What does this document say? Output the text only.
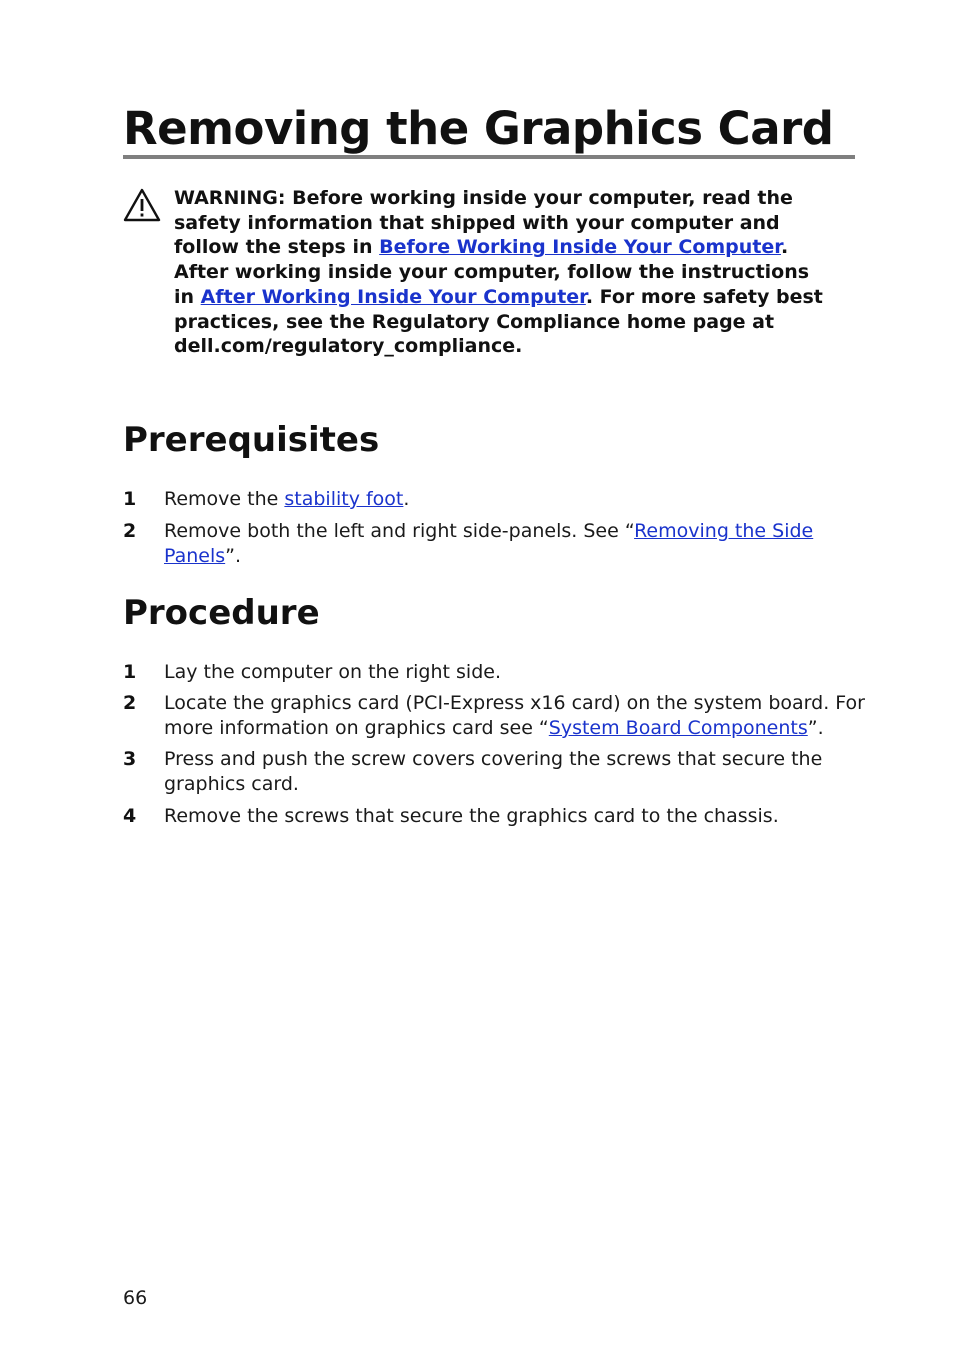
Removing the Graphics Card
WARNING: Before working inside your computer, read the
safety information that shipped with your computer and
follow the steps in Before Working Inside Your Computer.
After working inside your computer, follow the instructions
in After Working Inside Your Computer. For more safety best
practices, see the Regulatory Compliance home page at
dell.com/regulatory_compliance.
Prerequisites
1	Remove the stability foot.
2	Remove both the left and right side-panels. See “Removing the Side
Panels”.
Procedure
1	Lay the computer on the right side.
2	Locate the graphics card (PCI-Express x16 card) on the system board. For
more information on graphics card see “System Board Components”.
3	Press and push the screw covers covering the screws that secure the
graphics card.
4	Remove the screws that secure the graphics card to the chassis.
66
